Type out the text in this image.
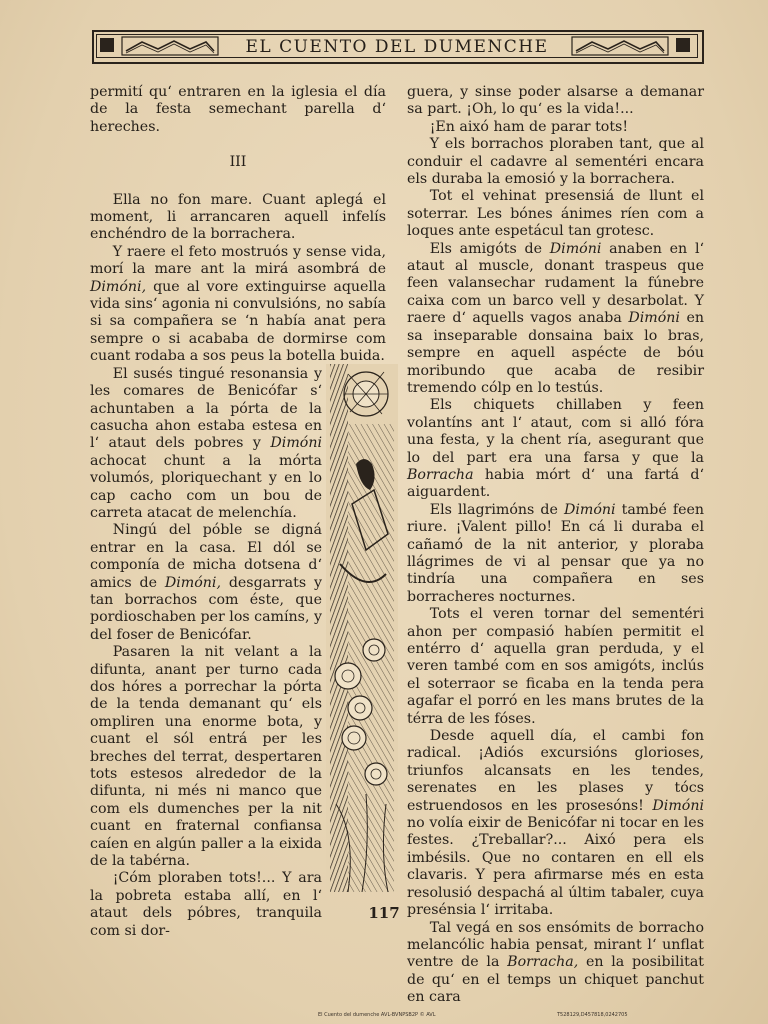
EL CUENTO DEL DUMENCHE

permití qu‘ entraren en la iglesia el día de la festa semechant parella d‘ hereches.

III

Ella no fon mare. Cuant aplegá el moment, li arrancaren aquell infelís enchéndro de la borrachera.

Y raere el feto mostruós y sense vida, morí la mare ant la mirá asombrá de Dimóni, que al vore extinguirse aquella vida sins‘ agonia ni convulsións, no sabía si sa compañera se ‘n había anat pera sempre o si acababa de dormirse com cuant rodaba a sos peus la botella buida.

El susés tingué resonansia y les comares de Benicófar s‘ achuntaben a la pórta de la casucha ahon estaba estesa en l‘ ataut dels pobres y Dimóni achocat chunt a la mórta volumós, ploriquechant y en lo cap cacho com un bou de carreta atacat de melenchía.

Ningú del póble se digná entrar en la casa. El dól se componía de micha dotsena d‘ amics de Dimóni, desgarrats y tan borrachos com éste, que pordioschaben per los camíns, y del foser de Benicófar.

Pasaren la nit velant a la difunta, anant per turno cada dos hóres a porrechar la pórta de la tenda demanant qu‘ els ompliren una enorme bota, y cuant el sól entrá per les breches del terrat, despertaren tots estesos alrededor de la difunta, ni més ni manco que com els dumenches per la nit cuant en fraternal confiansa caíen en algún paller a la eixida de la tabérna.

¡Cóm ploraben tots!... Y ara la pobreta estaba allí, en l‘ ataut dels póbres, tranquila com si dor-

guera, y sinse poder alsarse a demanar sa part. ¡Oh, lo qu‘ es la vida!...

¡En aixó ham de parar tots!

Y els borrachos ploraben tant, que al conduir el cadavre al sementéri encara els duraba la emosió y la borrachera.

Tot el vehinat presensiá de llunt el soterrar. Les bónes ánimes ríen com a loques ante espetácul tan grotesc.

Els amigóts de Dimóni anaben en l‘ ataut al muscle, donant traspeus que feen valansechar rudament la fúnebre caixa com un barco vell y desarbolat. Y raere d‘ aquells vagos anaba Dimóni en sa inseparable donsaina baix lo bras, sempre en aquell aspécte de bóu moribundo que acaba de resibir tremendo cólp en lo testús.

Els chiquets chillaben y feen volantíns ant l‘ ataut, com si alló fóra una festa, y la chent ría, asegurant que lo del part era una farsa y que la Borracha habia mórt d‘ una fartá d‘ aiguardent.

Els llagrimóns de Dimóni també feen riure. ¡Valent pillo! En cá li duraba el cañamó de la nit anterior, y ploraba llágrimes de vi al pensar que ya no tindría una compañera en ses borracheres nocturnes.

Tots el veren tornar del sementéri ahon per compasió habíen permitit el entérro d‘ aquella gran perduda, y el veren també com en sos amigóts, inclús el soterraor se ficaba en la tenda pera agafar el porró en les mans brutes de la térra de les fóses.

Desde aquell día, el cambi fon radical. ¡Adiós excursións glorioses, triunfos alcansats en les tendes, serenates en les plases y tócs estruendosos en les prosesóns! Dimóni no volía eixir de Benicófar ni tocar en les festes. ¿Treballar?... Aixó pera els imbésils. Que no contaren en ell els clavaris. Y pera afirmarse més en esta resolusió despachá al últim tabaler, cuya presénsia l‘ irritaba.

Tal vegá en sos ensómits de borracho melancólic habia pensat, mirant l‘ unflat ventre de la Borracha, en la posibilitat de qu‘ en el temps un chiquet panchut en cara

117
El Cuento del dumenche AVL-BVNPSB2P © AVL	T528129,D457818,0242705
